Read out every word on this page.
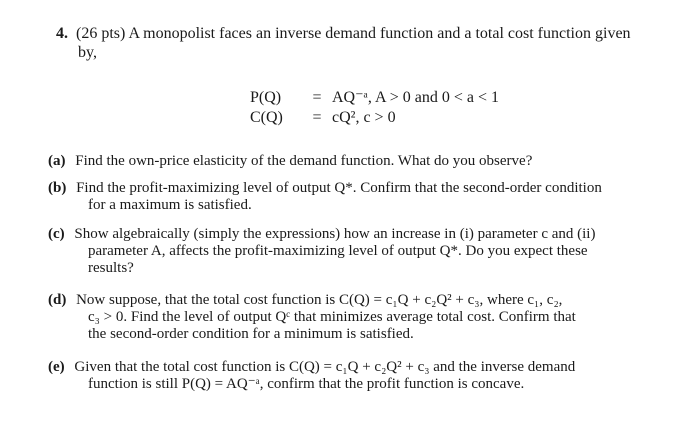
4. (26 pts) A monopolist faces an inverse demand function and a total cost function given
by,
P(Q)	= AQ⁻ᵃ, A > 0 and 0 < a < 1
C(Q)	= cQ², c > 0
(a) Find the own-price elasticity of the demand function. What do you observe?
(b) Find the profit-maximizing level of output Q*. Confirm that the second-order condition
for a maximum is satisfied.
(c) Show algebraically (simply the expressions) how an increase in (i) parameter c and (ii)
parameter A, affects the profit-maximizing level of output Q*. Do you expect these
results?
(d) Now suppose, that the total cost function is C(Q) = c₁Q + c₂Q² + c₃, where c₁, c₂,
c₃ > 0. Find the level of output Qᶜ that minimizes average total cost. Confirm that
the second-order condition for a minimum is satisfied.
(e) Given that the total cost function is C(Q) = c₁Q + c₂Q² + c₃ and the inverse demand
function is still P(Q) = AQ⁻ᵃ, confirm that the profit function is concave.
